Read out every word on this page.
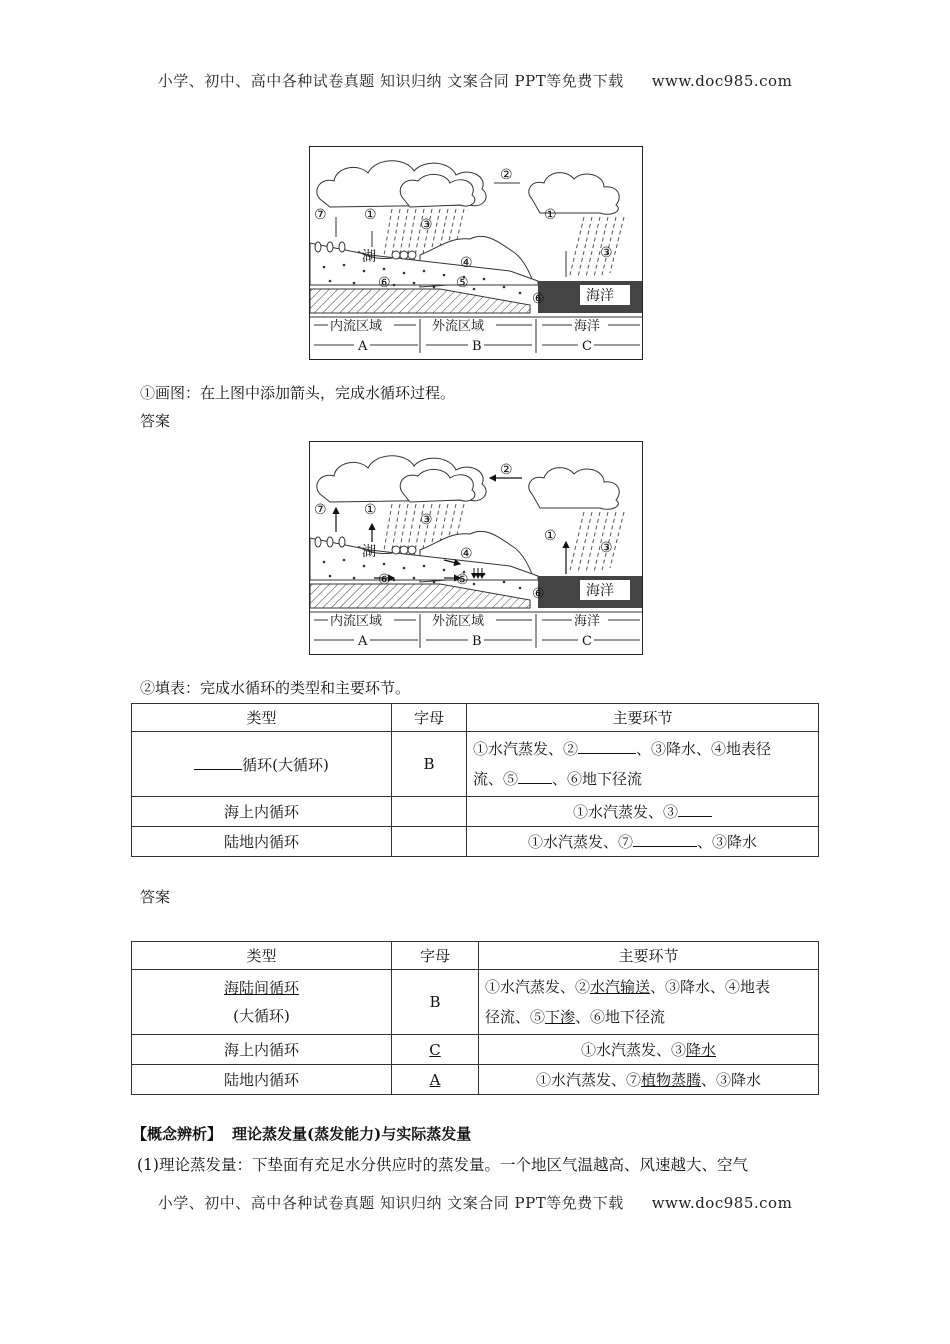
小学、初中、高中各种试卷真题 知识归纳 文案合同 PPT等免费下载 www.doc985.com
②
⑦	①
③
①
③
④
⑤
⑥
⑥
湖
海洋
内流区域	外流区域	海洋
A	B	C
①画图：在上图中添加箭头，完成水循环过程。
答案
②
⑦	①
③
①
③
④
⑤
⑥
⑥
湖
海洋
内流区域	外流区域	海洋
A	B	C
②填表：完成水循环的类型和主要环节。
类型	字母	主要环节
循环(大循环)	B	①水汽蒸发、② 、③降水、④地表径
流、⑤ 、⑥地下径流
海上内循环		①水汽蒸发、③
陆地内循环		①水汽蒸发、⑦ 、③降水
答案
类型	字母	主要环节
海陆间循环
(大循环)	B	①水汽蒸发、②水汽输送、③降水、④地表
径流、⑤下渗、⑥地下径流
海上内循环	C	①水汽蒸发、③降水
陆地内循环	A	①水汽蒸发、⑦植物蒸腾、③降水
【概念辨析】 理论蒸发量(蒸发能力)与实际蒸发量
(1)理论蒸发量：下垫面有充足水分供应时的蒸发量。一个地区气温越高、风速越大、空气
小学、初中、高中各种试卷真题 知识归纳 文案合同 PPT等免费下载 www.doc985.com
